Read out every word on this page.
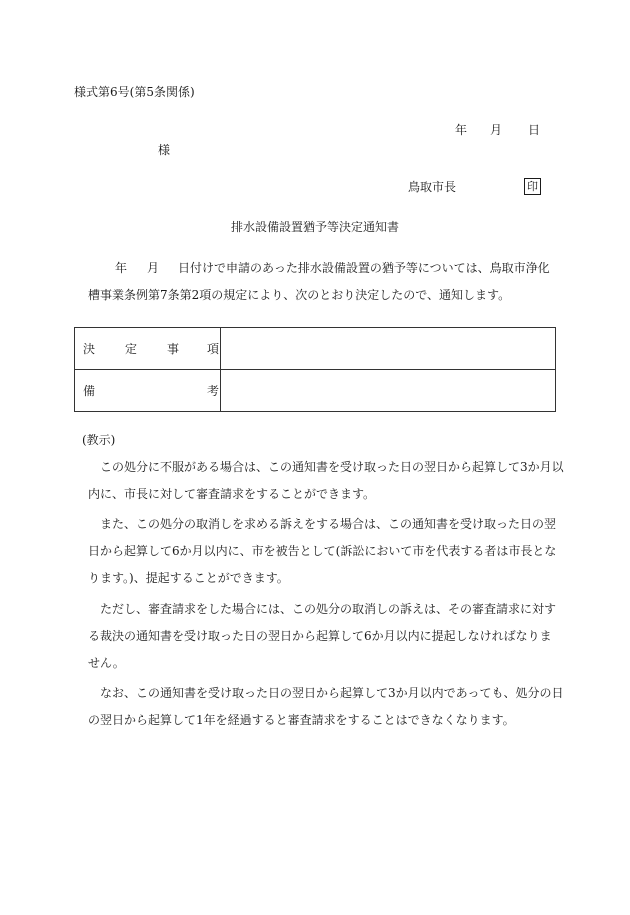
様式第6号(第5条関係)
年 月 日
様
鳥取市長	印
排水設備設置猶予等決定通知書
年 月 日付けで申請のあった排水設備設置の猶予等については、鳥取市浄化
槽事業条例第7条第2項の規定により、次のとおり決定したので、通知します。
決 定 事 項
備	考
(教示)
この処分に不服がある場合は、この通知書を受け取った日の翌日から起算して3か月以
内に、市長に対して審査請求をすることができます。
また、この処分の取消しを求める訴えをする場合は、この通知書を受け取った日の翌
日から起算して6か月以内に、市を被告として(訴訟において市を代表する者は市長とな
ります。)、提起することができます。
ただし、審査請求をした場合には、この処分の取消しの訴えは、その審査請求に対す
る裁決の通知書を受け取った日の翌日から起算して6か月以内に提起しなければなりま
せん。
なお、この通知書を受け取った日の翌日から起算して3か月以内であっても、処分の日
の翌日から起算して1年を経過すると審査請求をすることはできなくなります。
